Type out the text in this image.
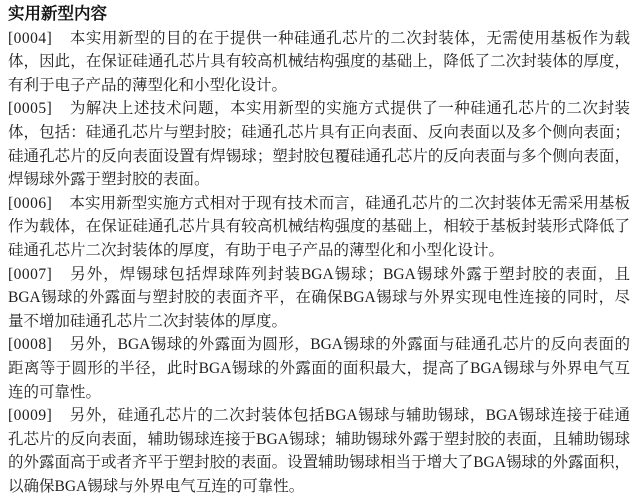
实用新型内容

[0004] 本实用新型的目的在于提供一种硅通孔芯片的二次封装体，无需使用基板作为载体，因此，在保证硅通孔芯片具有较高机械结构强度的基础上，降低了二次封装体的厚度，有利于电子产品的薄型化和小型化设计。

[0005] 为解决上述技术问题，本实用新型的实施方式提供了一种硅通孔芯片的二次封装体，包括：硅通孔芯片与塑封胶；硅通孔芯片具有正向表面、反向表面以及多个侧向表面；硅通孔芯片的反向表面设置有焊锡球；塑封胶包覆硅通孔芯片的反向表面与多个侧向表面，焊锡球外露于塑封胶的表面。

[0006] 本实用新型实施方式相对于现有技术而言，硅通孔芯片的二次封装体无需采用基板作为载体，在保证硅通孔芯片具有较高机械结构强度的基础上，相较于基板封装形式降低了硅通孔芯片二次封装体的厚度，有助于电子产品的薄型化和小型化设计。

[0007] 另外，焊锡球包括焊球阵列封装BGA锡球；BGA锡球外露于塑封胶的表面，且BGA锡球的外露面与塑封胶的表面齐平，在确保BGA锡球与外界实现电性连接的同时，尽量不增加硅通孔芯片二次封装体的厚度。

[0008] 另外，BGA锡球的外露面为圆形，BGA锡球的外露面与硅通孔芯片的反向表面的距离等于圆形的半径，此时BGA锡球的外露面的面积最大，提高了BGA锡球与外界电气互连的可靠性。

[0009] 另外，硅通孔芯片的二次封装体包括BGA锡球与辅助锡球，BGA锡球连接于硅通孔芯片的反向表面，辅助锡球连接于BGA锡球；辅助锡球外露于塑封胶的表面，且辅助锡球的外露面高于或者齐平于塑封胶的表面。设置辅助锡球相当于增大了BGA锡球的外露面积，以确保BGA锡球与外界电气互连的可靠性。
